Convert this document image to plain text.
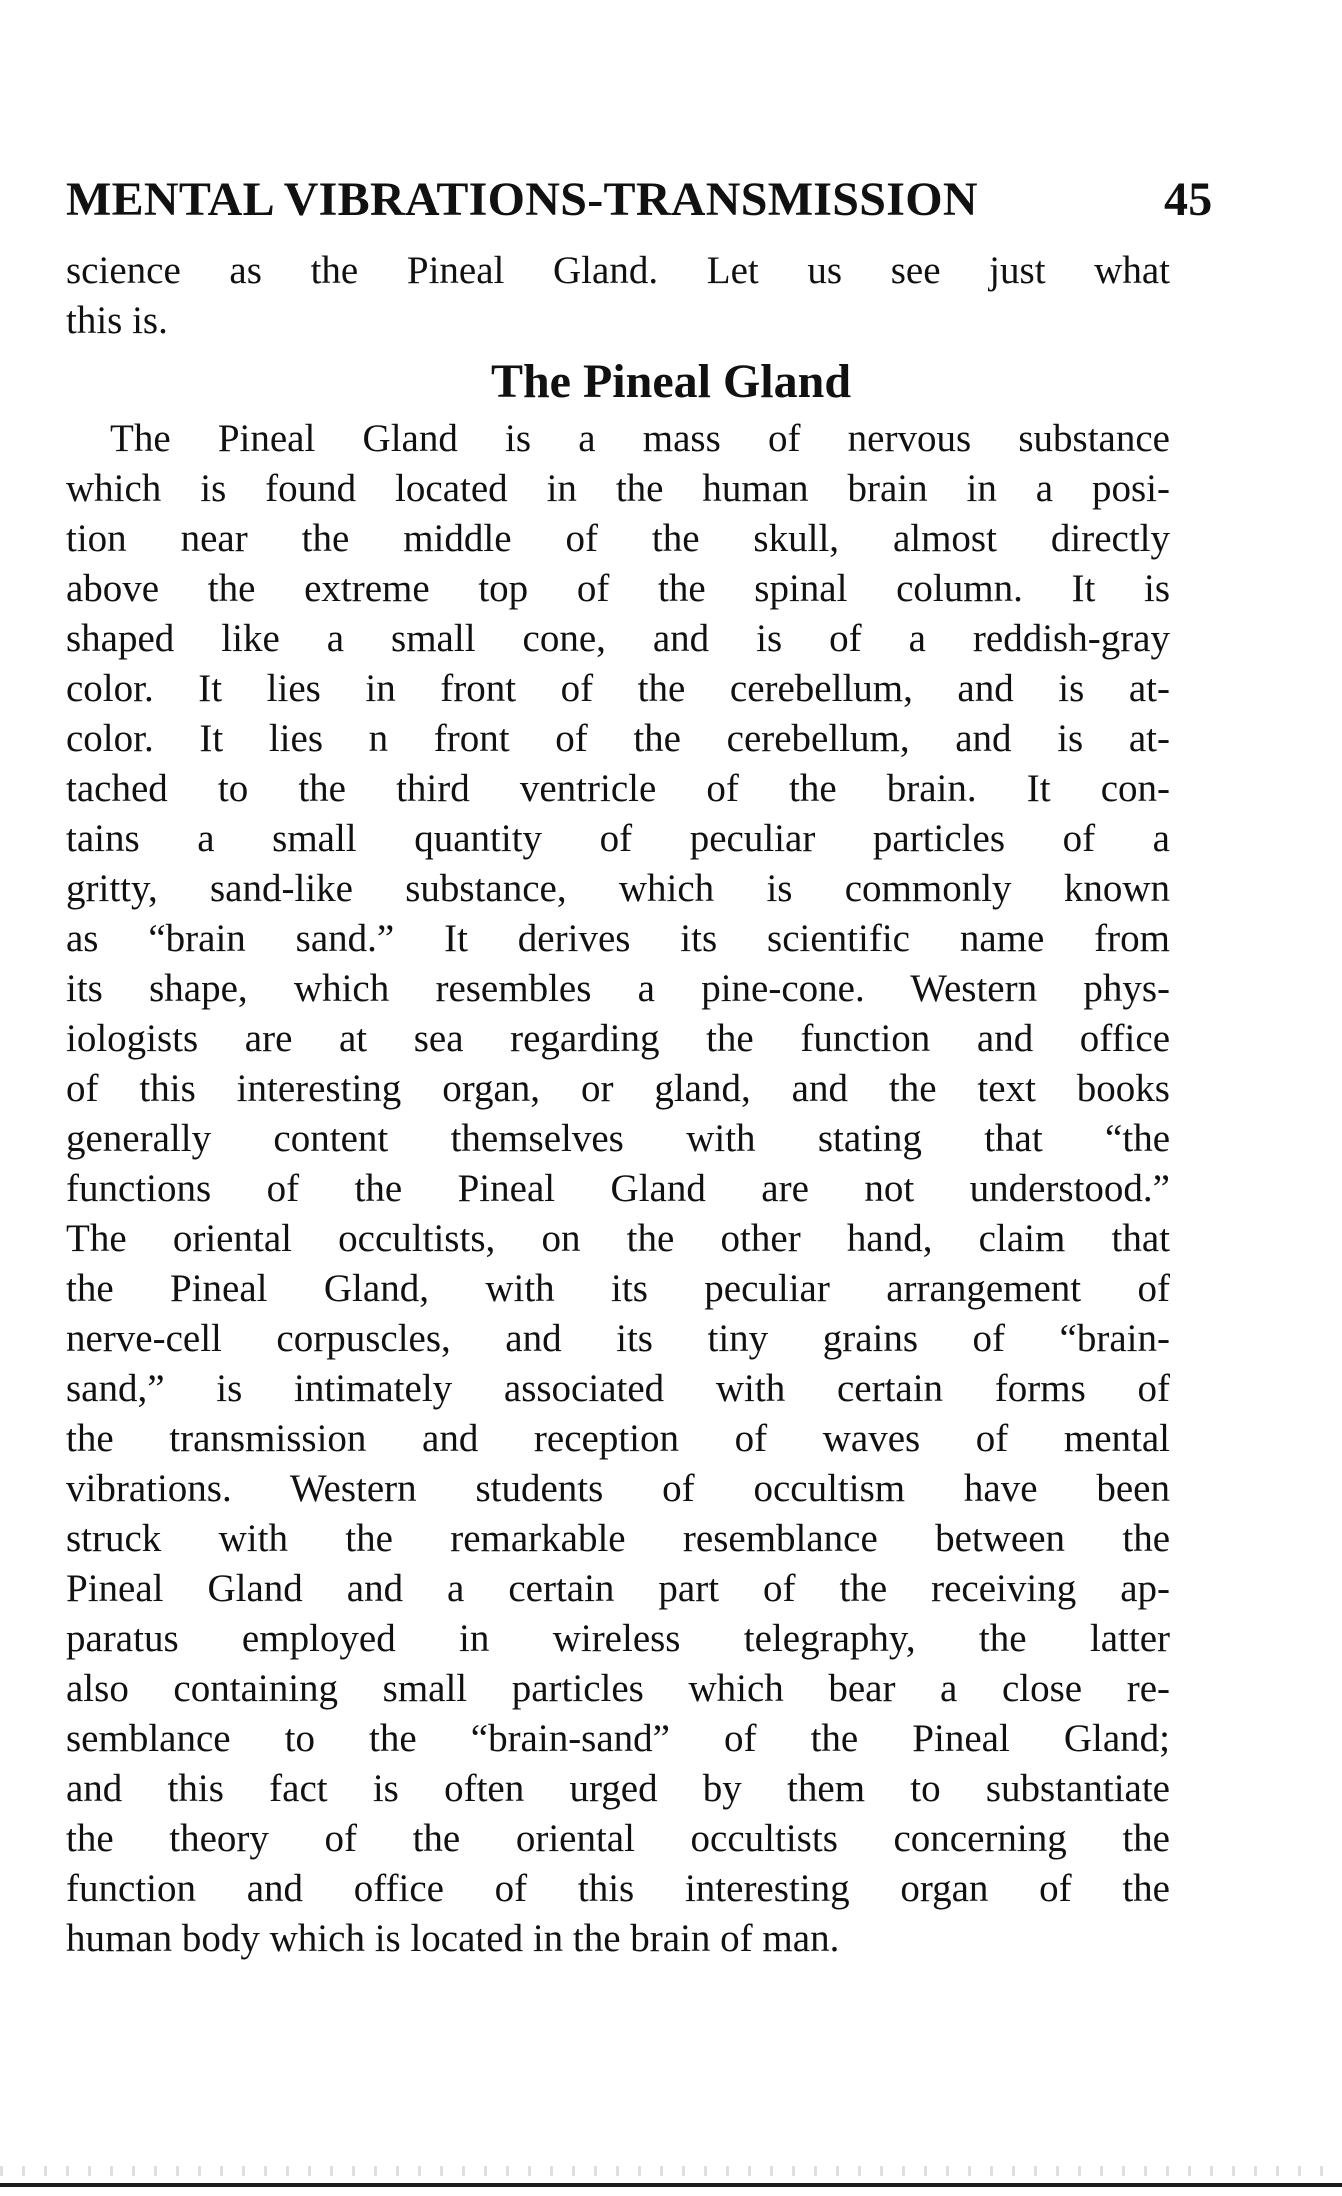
MENTAL VIBRATIONS-TRANSMISSION	45
science as the Pineal Gland. Let us see just what
this is.
The Pineal Gland
The Pineal Gland is a mass of nervous substance
which is found located in the human brain in a posi-
tion near the middle of the skull, almost directly
above the extreme top of the spinal column. It is
shaped like a small cone, and is of a reddish-gray
color. It lies in front of the cerebellum, and is at-
color. It lies n front of the cerebellum, and is at-
tached to the third ventricle of the brain. It con-
tains a small quantity of peculiar particles of a
gritty, sand-like substance, which is commonly known
as “brain sand.” It derives its scientific name from
its shape, which resembles a pine-cone. Western phys-
iologists are at sea regarding the function and office
of this interesting organ, or gland, and the text books
generally content themselves with stating that “the
functions of the Pineal Gland are not understood.”
The oriental occultists, on the other hand, claim that
the Pineal Gland, with its peculiar arrangement of
nerve-cell corpuscles, and its tiny grains of “brain-
sand,” is intimately associated with certain forms of
the transmission and reception of waves of mental
vibrations. Western students of occultism have been
struck with the remarkable resemblance between the
Pineal Gland and a certain part of the receiving ap-
paratus employed in wireless telegraphy, the latter
also containing small particles which bear a close re-
semblance to the “brain-sand” of the Pineal Gland;
and this fact is often urged by them to substantiate
the theory of the oriental occultists concerning the
function and office of this interesting organ of the
human body which is located in the brain of man.
